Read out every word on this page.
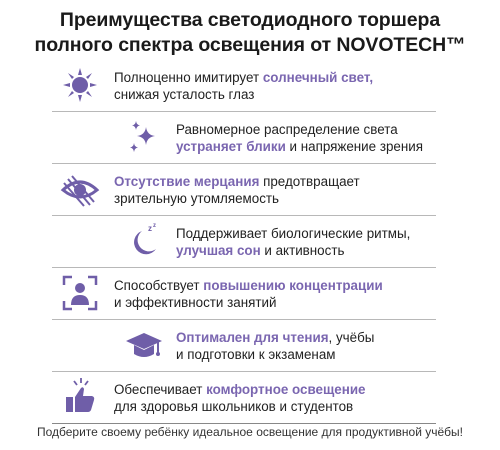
Преимущества светодиодного торшера
полного спектра освещения от NOVOTECH™
Полноценно имитирует солнечный свет,
снижая усталость глаз
Равномерное распределение света
устраняет блики и напряжение зрения
Отсутствие мерцания предотвращает
зрительную утомляемость
z z Поддерживает биологические ритмы,
улучшая сон и активность
Способствует повышению концентрации
и эффективности занятий
Оптимален для чтения, учёбы
и подготовки к экзаменам
Обеспечивает комфортное освещение
для здоровья школьников и студентов
Подберите своему ребёнку идеальное освещение для продуктивной учёбы!
